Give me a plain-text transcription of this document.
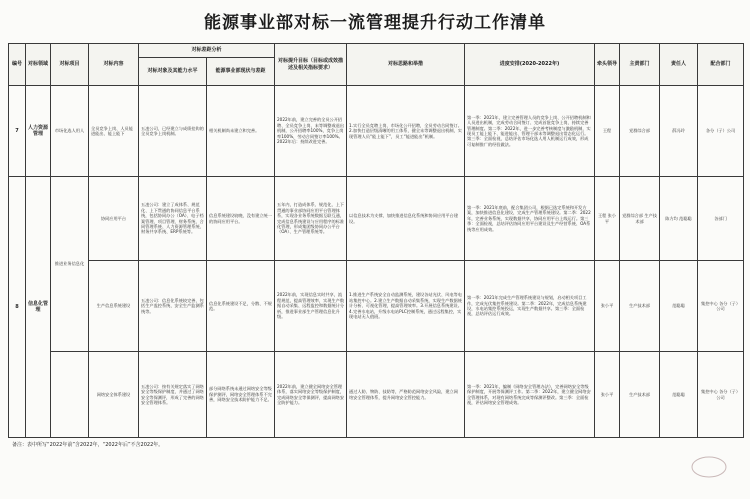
能源事业部对标一流管理提升行动工作清单
编号	对标领域	对标项目	对标内容	对标差距分析		对标提升目标（目标或成效描述及相关指标要求）	对标思路和举措	进度安排(2020-2022年)	牵头领导	主责部门	责任人	配合部门
				对标对象及其能力水平	能源事业部现状与差距							
7	人力资源管理	市场化选人用人	全员竞争上岗、人员能进能出、能上能下	五凌公司，已经建立与成绩挂钩的全员竞争上岗机制。	相关机制尚未建立和完善。	2022年前，建立完善的全员公开招聘、全员竞争上岗、末等调整或退出机制，公开招聘率100%，竞争上岗率100%，劳动合同签订率100%。2022年后：持续改进完善。	1.实行全员竞聘上岗、市场化公开招聘，全员劳动合同签订。2.加快打造层级清晰的用工体系，健全末等调整退出机制，实现管理人员“能上能下”，员工“能进能出”机制。	第一季：2021年，建立完善管理人员的竞争上岗、公开招聘机制和人员进出机制，完成劳动合同签订、完成首批竞争上岗，持续完善管理制度。第二季：2022年，进一步完善考核制度与激励机制，实现员工能上能下、能进能出、管理干部末等调整退出常态化运行。第三季：全面检视，总结评估市场化选人用人机制运行成效，形成可复制推广的经验做法。	王程	党群综合部	薛冯玲	各分（子）公司
8	信息化管理	推进业务信息化	协同应用平台	五凌公司：建立了成体系、规范化、上下贯通的协同信息平台系统，包括协同办公（OA）、电子档案管理、项目管理、财务系统、合同管理系统、人力资源管理系统、财务共享系统、ERP系统等。	信息系统建设较晚，没有建立统一的协同应用平台。	五年内，打造成体系、规范化、上下贯通的事业部协同应用平台管理体系，实现各业务系统数据互联互通，完成信息系统建设与应用程序的标准化管理，形成集团级协同办公平台（OA）、生产管理系统等。	以信息技术为支撑，加快推进信息化系统和协同应用平台建设。	第一季：2021年底前，配合集团公司，根据已选定系统和开发方案，加快推进信息化建设，完成生产管理系统建设。第二季：2022年，完善业务系统，实现数据共享，协同应用平台上线运行。第三季：全面检视，总结评估协同应用平台建设及生产经营系统、OA系统等应用成效。	王程 张小平	党群综合部 生产技术部	陈方均 范聪聪	各部门
			生产信息系统建设	五凌公司：信息化系统较完善，包括生产监控系统、安全生产监测系统等。	信息化系统建设不足，分散、不规范。	2022年前，实现信息实时共享，流程规范，提高管理效率，实现生产数据自动采集、远程监控和数据统计分析，推进事业部生产管理信息化升级。	1.推进生产系统安全自动监测系统，建设各站光伏、风电等电站集控中心。2.建立生产数据自动采集系统，实现生产数据统计分析、可视化管理，提高管理效率。3.开展信息系统建设。4.完善水电站，升级水电站PLC控制系统，通过远程集控，实现电站无人值班。	第一季：2021年完成生产管理系统建设与规划，启动相关项目工作，完成光伏集控系统建设。第二季：2022年，完成信息系统建设，水电站集控系统投运，实现生产数据共享。第三季：全面检视，总结评估运行成效。	张小平	生产技术部	范聪聪	集控中心 各分（子）公司
			网络安全体系建设	五凌公司：按有关规定落实了网络安全等级保护制度，并通过了网络安全等保测评，形成了完善的网络安全管理体系。	部分网络系统未通过网络安全等级保护测评，网络安全管理体系不完善，网络安全技术防护能力不足。	2022年前，建立健全网络安全管理体系，落实网络安全等级保护制度，完成网络安全等保测评，提高网络安全防护能力。	通过人防、物防、技防等，严格防范网络安全风险，建立网络安全管理体系，提升网络安全管控能力。	第一季：2021年，编制《网络安全管理办法》，完善网络安全等级保护制度，开展等保测评工作。第二季：2022年，建立健全网络安全管理体系，对现有网络系统完成等保测评整改。第三季：全面检视，评估网络安全管理成效。	张小平	生产技术部	范聪聪	集控中心 各分（子）公司
备注：表中所写“2022年前”含2022年，“2022年后”不含2022年。
